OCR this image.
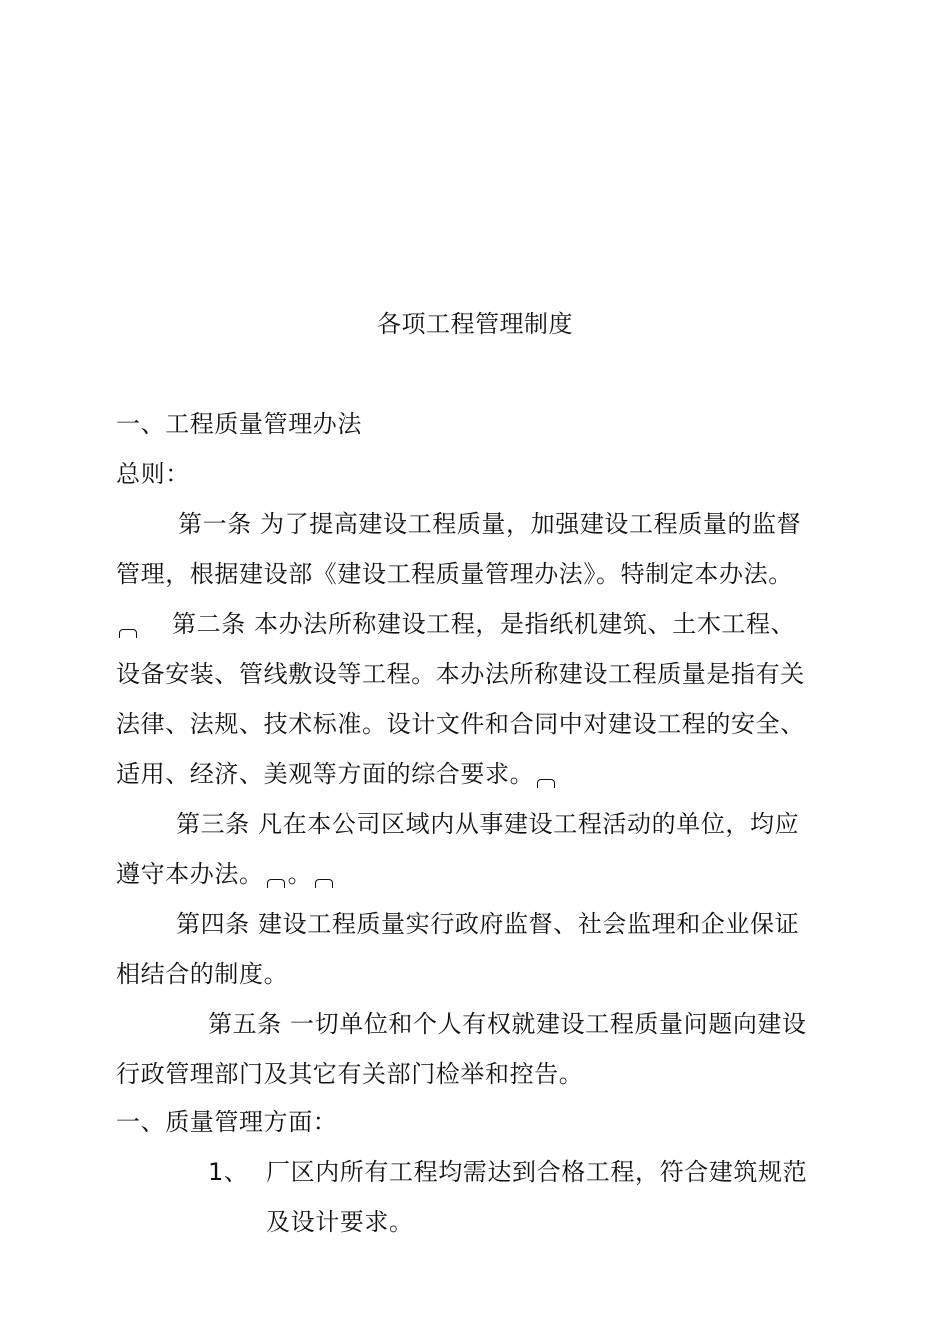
各项工程管理制度
一、工程质量管理办法
总则：
第一条 为了提高建设工程质量，加强建设工程质量的监督
管理，根据建设部《建设工程质量管理办法》。特制定本办法。
第二条 本办法所称建设工程，是指纸机建筑、土木工程、
设备安装、管线敷设等工程。本办法所称建设工程质量是指有关
法律、法规、技术标准。设计文件和合同中对建设工程的安全、
适用、经济、美观等方面的综合要求。
第三条 凡在本公司区域内从事建设工程活动的单位，均应
遵守本办法。 。
第四条 建设工程质量实行政府监督、社会监理和企业保证
相结合的制度。
第五条 一切单位和个人有权就建设工程质量问题向建设
行政管理部门及其它有关部门检举和控告。
一、质量管理方面：
1、 厂区内所有工程均需达到合格工程，符合建筑规范
及设计要求。
